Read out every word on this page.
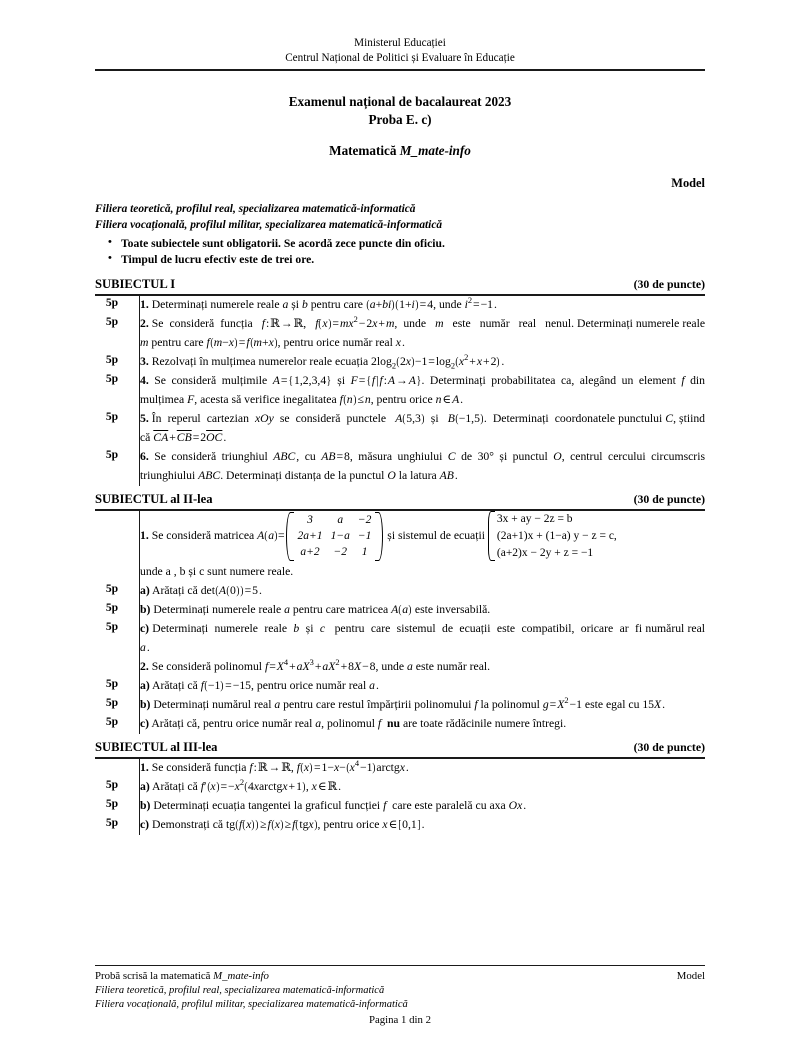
Ministerul Educației
Centrul Național de Politici și Evaluare în Educație
Examenul național de bacalaureat 2023
Proba E. c)
Matematică M_mate-info
Model
Filiera teoretică, profilul real, specializarea matematică-informatică
Filiera vocațională, profilul militar, specializarea matematică-informatică
• Toate subiectele sunt obligatorii. Se acordă zece puncte din oficiu.
• Timpul de lucru efectiv este de trei ore.
SUBIECTUL I	(30 de puncte)
5p		1. Determinați numerele reale a și b pentru care (a+bi)(1+i) = 4, unde $i^2$ = −1 .
5p		2. Se  consideră  funcția   f : ℝ → ℝ,   f(x) = $mx^2$ − 2x + m,  unde   m   este   număr   real   nenul. Determinați numerele reale m pentru care f(m−x) = f(m+x), pentru orice număr real x .
5p		3. Rezolvați în mulțimea numerelor reale ecuația $2\log_2(2x)-1$ = $\log_2(x^2$ + x + 2) .
5p		4. Se consideră mulțimile A = {1,2,3,4} și F = {f | f : A → A}. Determinați probabilitatea ca, alegând un element f din mulțimea F, acesta să verifice inegalitatea f(n) ≤ n, pentru orice n ∈ A .
5p		5. În  reperul  cartezian  xOy  se  consideră  punctele   A(5,3)  și   B(−1,5).  Determinați  coordonatele punctului C, știind că $\overline{CA}$ + $\overline{CB}$ = $2\overline{OC}$ .
5p		6. Se consideră triunghiul ABC , cu AB = 8, măsura unghiului C de 30° și punctul O, centrul cercului circumscris triunghiului ABC. Determinați distanța de la punctul O la latura AB .
SUBIECTUL al II-lea	(30 de puncte)

1. Se consideră matricea A(a)=
3	a	−2
2a+1	1−a	−1
a+2	−2	1
și sistemul de ecuații
3x + ay − 2z = b
(2a+1)x + (1−a) y − z = c,
(a+2)x − 2y + z = −1
unde a , b și c sunt numere reale.

5p		a) Arătați că det(A(0)) = 5 .
5p		b) Determinați numerele reale a pentru care matricea A(a) este inversabilă.
5p		c) Determinați  numerele  reale  b  și  c   pentru  care  sistemul  de  ecuații  este  compatibil,  oricare  ar  fi numărul real a .
		2. Se consideră polinomul f = $X^4$ + $aX^3$ + $aX^2$ + 8X − 8, unde a este număr real.
5p		a) Arătați că f(−1) = −15, pentru orice număr real a .
5p		b) Determinați numărul real a pentru care restul împărțirii polinomului f la polinomul g = $X^2$ −1 este egal cu 15X .
5p		c) Arătați că, pentru orice număr real a, polinomul f nu are toate rădăcinile numere întregi.
SUBIECTUL al III-lea	(30 de puncte)
		1. Se consideră funcția f : ℝ → ℝ, f(x) = $1-x-(x^4$ −1)arctgx .
5p		a) Arătați că f′(x) = $-x^2(4xarctgx$ + 1), x ∈ ℝ .
5p		b) Determinați ecuația tangentei la graficul funcției f  care este paralelă cu axa Ox .
5p		c) Demonstrați că tg(f(x)) ≥ f(x) ≥ f(tgx), pentru orice x ∈ [0,1] .
Probă scrisă la matematică M_mate-info	Model
Filiera teoretică, profilul real, specializarea matematică-informatică
Filiera vocațională, profilul militar, specializarea matematică-informatică
Pagina 1 din 2
